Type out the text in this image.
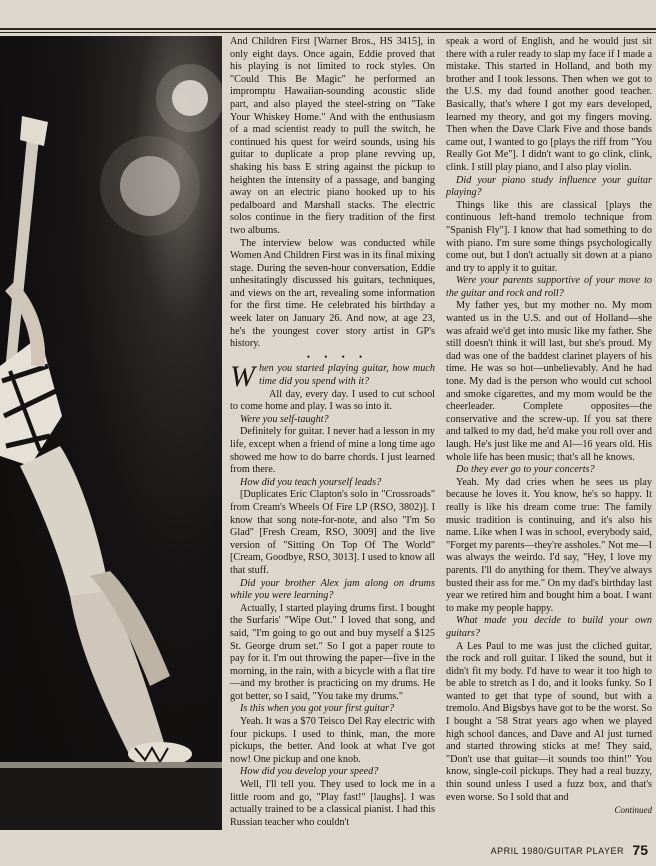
And Children First [Warner Bros., HS 3415], in only eight days. Once again, Eddie proved that his playing is not limited to rock styles. On "Could This Be Magic" he performed an impromptu Hawaiian-sounding acoustic slide part, and also played the steel-string on "Take Your Whiskey Home." And with the enthusiasm of a mad scientist ready to pull the switch, he continued his quest for weird sounds, using his guitar to duplicate a prop plane revving up, shaking his bass E string against the pickup to heighten the intensity of a passage, and banging away on an electric piano hooked up to his pedalboard and Marshall stacks. The electric solos continue in the fiery tradition of the first two albums.

The interview below was conducted while Women And Children First was in its final mixing stage. During the seven-hour conversation, Eddie unhesitatingly discussed his guitars, techniques, and views on the art, revealing some information for the first time. He celebrated his birthday a week later on January 26. And now, at age 23, he's the youngest cover story artist in GP's history.

• • • •

When you started playing guitar, how much time did you spend with it?

All day, every day. I used to cut school to come home and play. I was so into it.

Were you self-taught?

Definitely for guitar. I never had a lesson in my life, except when a friend of mine a long time ago showed me how to do barre chords. I just learned from there.

How did you teach yourself leads?

[Duplicates Eric Clapton's solo in "Crossroads" from Cream's Wheels Of Fire LP (RSO, 3802)]. I know that song note-for-note, and also "I'm So Glad" [Fresh Cream, RSO, 3009] and the live version of "Sitting On Top Of The World" [Cream, Goodbye, RSO, 3013]. I used to know all that stuff.

Did your brother Alex jam along on drums while you were learning?

Actually, I started playing drums first. I bought the Surfaris' "Wipe Out." I loved that song, and said, "I'm going to go out and buy myself a $125 St. George drum set." So I got a paper route to pay for it. I'm out throwing the paper—five in the morning, in the rain, with a bicycle with a flat tire—and my brother is practicing on my drums. He got better, so I said, "You take my drums."

Is this when you got your first guitar?

Yeah. It was a $70 Teisco Del Ray electric with four pickups. I used to think, man, the more pickups, the better. And look at what I've got now! One pickup and one knob.

How did you develop your speed?

Well, I'll tell you. They used to lock me in a little room and go, "Play fast!" [laughs]. I was actually trained to be a classical pianist. I had this Russian teacher who couldn't

speak a word of English, and he would just sit there with a ruler ready to slap my face if I made a mistake. This started in Holland, and both my brother and I took lessons. Then when we got to the U.S. my dad found another good teacher. Basically, that's where I got my ears developed, learned my theory, and got my fingers moving. Then when the Dave Clark Five and those bands came out, I wanted to go [plays the riff from "You Really Got Me"]. I didn't want to go clink, clink, clink. I still play piano, and I also play violin.

Did your piano study influence your guitar playing?

Things like this are classical [plays the continuous left-hand tremolo technique from "Spanish Fly"]. I know that had something to do with piano. I'm sure some things psychologically come out, but I don't actually sit down at a piano and try to apply it to guitar.

Were your parents supportive of your move to the guitar and rock and roll?

My father yes, but my mother no. My mom wanted us in the U.S. and out of Holland—she was afraid we'd get into music like my father. She still doesn't think it will last, but she's proud. My dad was one of the baddest clarinet players of his time. He was so hot—unbelievably. And he had tone. My dad is the person who would cut school and smoke cigarettes, and my mom would be the cheerleader. Complete opposites—the conservative and the screw-up. If you sat there and talked to my dad, he'd make you roll over and laugh. He's just like me and Al—16 years old. His whole life has been music; that's all he knows.

Do they ever go to your concerts?

Yeah. My dad cries when he sees us play because he loves it. You know, he's so happy. It really is like his dream come true: The family music tradition is continuing, and it's also his name. Like when I was in school, everybody said, "Forget my parents—they're assholes." Not me—I was always the weirdo. I'd say, "Hey, I love my parents. I'll do anything for them. They've always busted their ass for me." On my dad's birthday last year we retired him and bought him a boat. I want to make my people happy.

What made you decide to build your own guitars?

A Les Paul to me was just the cliched guitar, the rock and roll guitar. I liked the sound, but it didn't fit my body. I'd have to wear it too high to be able to stretch as I do, and it looks funky. So I wanted to get that type of sound, but with a tremolo. And Bigsbys have got to be the worst. So I bought a '58 Strat years ago when we played high school dances, and Dave and Al just turned and started throwing sticks at me! They said, "Don't use that guitar—it sounds too thin!" You know, single-coil pickups. They had a real buzzy, thin sound unless I used a fuzz box, and that's even worse. So I sold that and

Continued

APRIL 1980/GUITAR PLAYER 75
